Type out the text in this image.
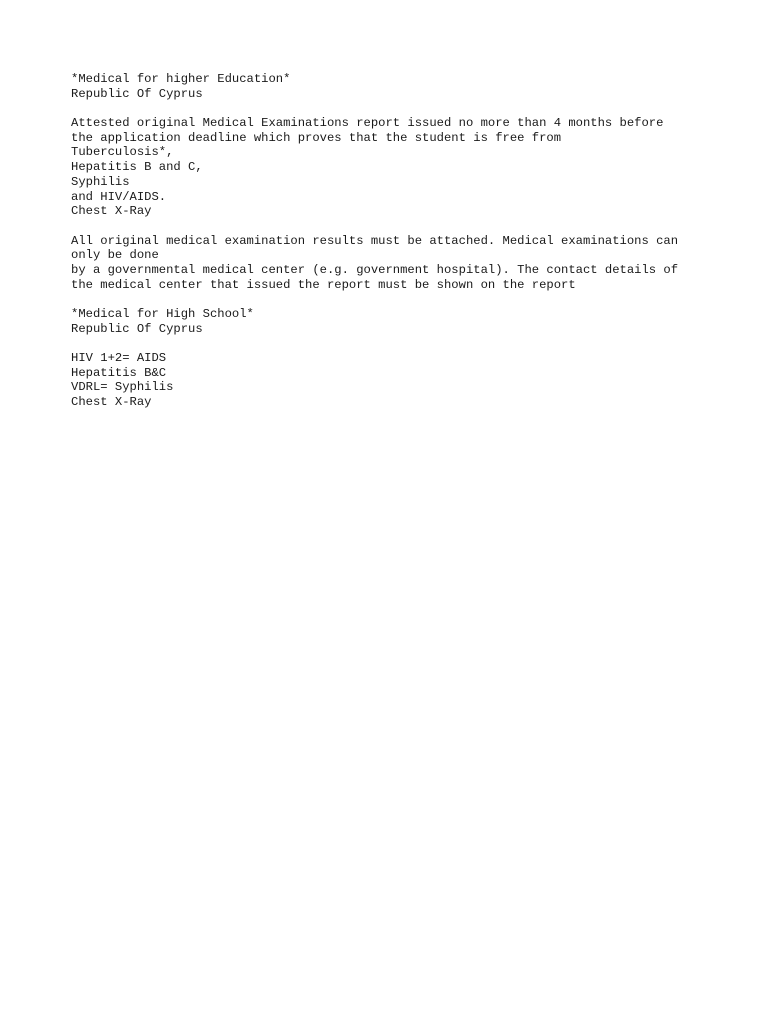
*Medical for higher Education*
Republic Of Cyprus
Attested original Medical Examinations report issued no more than 4 months before
the application deadline which proves that the student is free from
Tuberculosis*,
Hepatitis B and C,
Syphilis
and HIV/AIDS.
Chest X-Ray
All original medical examination results must be attached. Medical examinations can
only be done
by a governmental medical center (e.g. government hospital). The contact details of
the medical center that issued the report must be shown on the report
*Medical for High School*
Republic Of Cyprus
HIV 1+2= AIDS
Hepatitis B&C
VDRL= Syphilis
Chest X-Ray
